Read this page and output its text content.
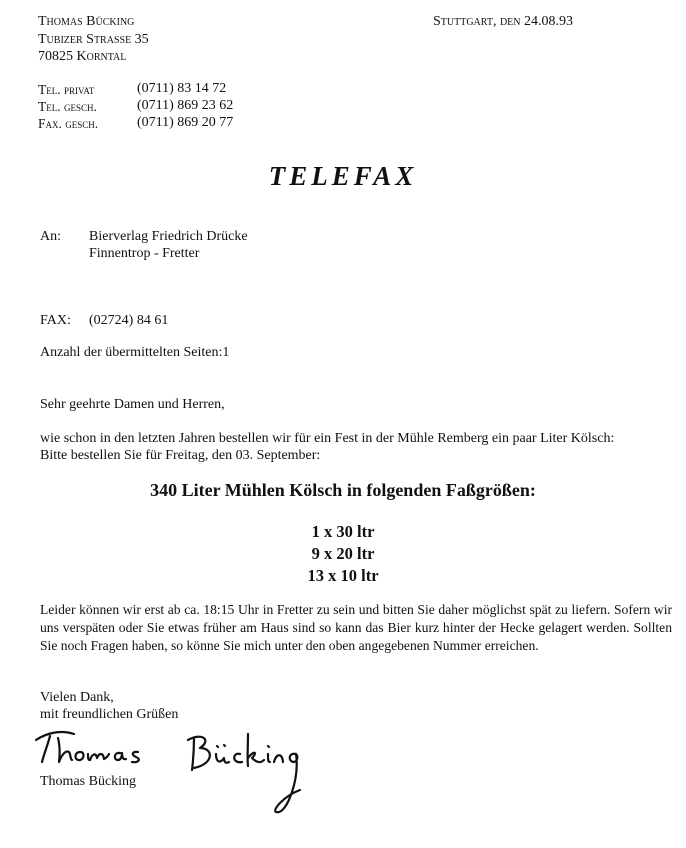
Thomas Bücking
Tubizer Straße 35
70825 Korntal
Stuttgart, den 24.08.93
Tel. privat	(0711) 83 14 72
Tel. gesch.	(0711) 869 23 62
Fax. gesch.	(0711) 869 20 77
TELEFAX
An: Bierverlag Friedrich Drücke
Finnentrop - Fretter
FAX: (02724) 84 61
Anzahl der übermittelten Seiten:1
Sehr geehrte Damen und Herren,
wie schon in den letzten Jahren bestellen wir für ein Fest in der Mühle Remberg ein paar Liter Kölsch:
Bitte bestellen Sie für Freitag, den 03. September:
340 Liter Mühlen Kölsch in folgenden Faßgrößen:
1 x 30 ltr
9 x 20 ltr
13 x 10 ltr
Leider können wir erst ab ca. 18:15 Uhr in Fretter zu sein und bitten Sie daher möglichst spät zu liefern. Sofern wir uns verspäten oder Sie etwas früher am Haus sind so kann das Bier kurz hinter der Hecke gelagert werden. Sollten Sie noch Fragen haben, so könne Sie mich unter den oben angegebenen Nummer erreichen.
Vielen Dank,
mit freundlichen Grüßen
Thomas Bücking
